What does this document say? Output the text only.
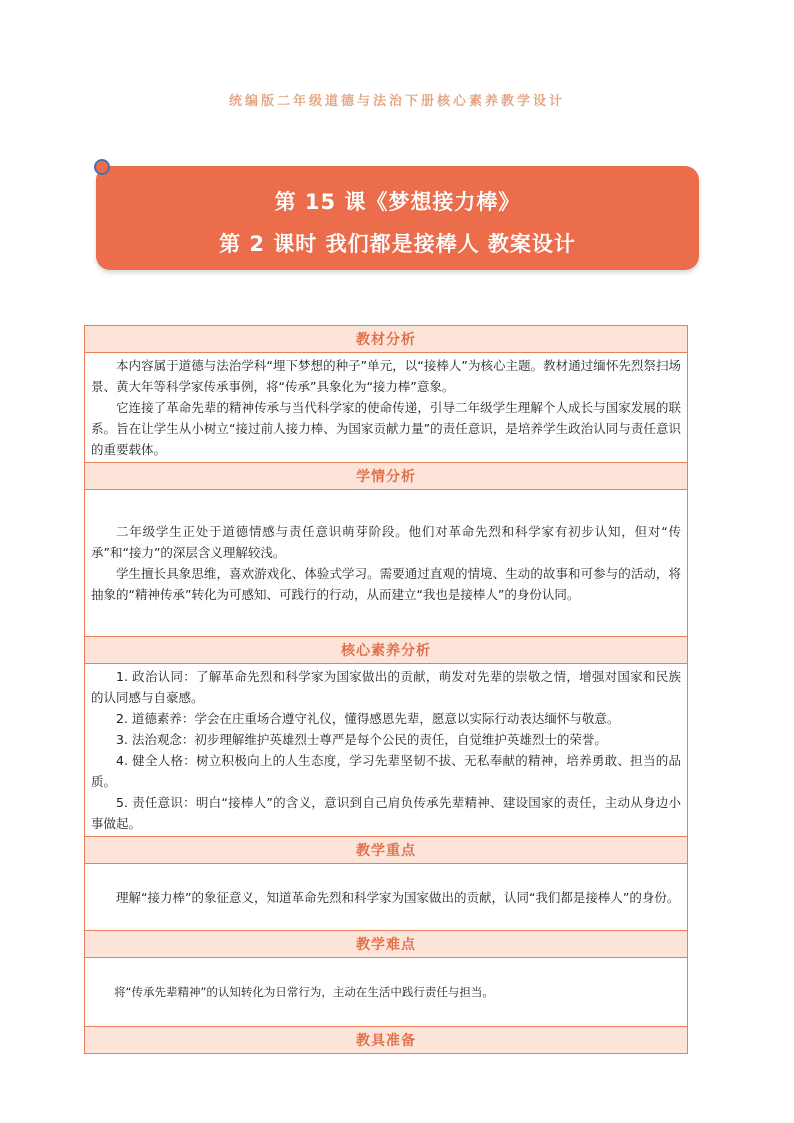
统编版二年级道德与法治下册核心素养教学设计
第 15 课《梦想接力棒》
第 2 课时 我们都是接棒人 教案设计
教材分析

本内容属于道德与法治学科“埋下梦想的种子”单元，以“接棒人”为核心主题。教材通过缅怀先烈祭扫场景、黄大年等科学家传承事例，将“传承”具象化为“接力棒”意象。

它连接了革命先辈的精神传承与当代科学家的使命传递，引导二年级学生理解个人成长与国家发展的联系。旨在让学生从小树立“接过前人接力棒、为国家贡献力量”的责任意识，是培养学生政治认同与责任意识的重要载体。

学情分析

二年级学生正处于道德情感与责任意识萌芽阶段。他们对革命先烈和科学家有初步认知，但对“传承”和“接力”的深层含义理解较浅。

学生擅长具象思维，喜欢游戏化、体验式学习。需要通过直观的情境、生动的故事和可参与的活动，将抽象的“精神传承”转化为可感知、可践行的行动，从而建立“我也是接棒人”的身份认同。

核心素养分析

1. 政治认同：了解革命先烈和科学家为国家做出的贡献，萌发对先辈的崇敬之情，增强对国家和民族的认同感与自豪感。

2. 道德素养：学会在庄重场合遵守礼仪，懂得感恩先辈，愿意以实际行动表达缅怀与敬意。

3. 法治观念：初步理解维护英雄烈士尊严是每个公民的责任，自觉维护英雄烈士的荣誉。

4. 健全人格：树立积极向上的人生态度，学习先辈坚韧不拔、无私奉献的精神，培养勇敢、担当的品质。

5. 责任意识：明白“接棒人”的含义，意识到自己肩负传承先辈精神、建设国家的责任，主动从身边小事做起。

教学重点

理解“接力棒”的象征意义，知道革命先烈和科学家为国家做出的贡献，认同“我们都是接棒人”的身份。

教学难点

将“传承先辈精神”的认知转化为日常行为，主动在生活中践行责任与担当。

教具准备
